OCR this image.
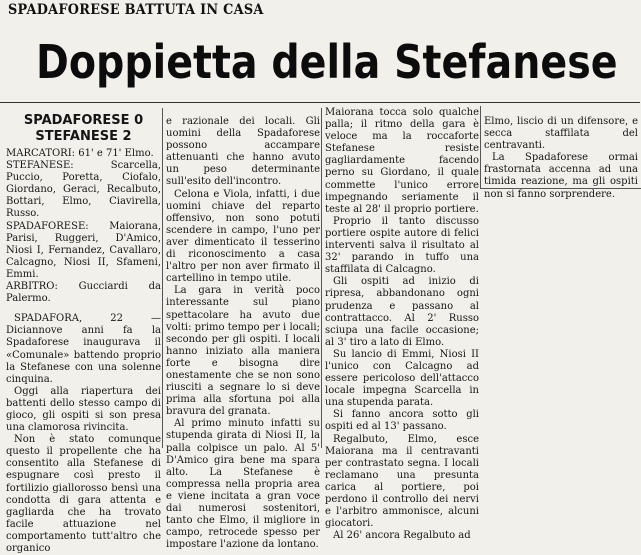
SPADAFORESE BATTUTA IN CASA
Doppietta della Stefanese
SPADAFORESE 0
STEFANESE 2

MARCATORI: 61' e 71' Elmo.

STEFANESE: Scarcella, Puccio, Poretta, Ciofalo, Giordano, Geraci, Recalbuto, Bottari, Elmo, Ciavirella, Russo.

SPADAFORESE: Maiorana, Parisi, Ruggeri, D'Amico, Niosi I, Fernandez, Cavallaro, Calcagno, Niosi II, Sfameni, Emmi.

ARBITRO: Gucciardi da Palermo.

SPADAFORA, 22 — Diciannove anni fa la Spadaforese inaugurava il «Comunale» battendo proprio la Stefanese con una solenne cinquina.

Oggi alla riapertura dei battenti dello stesso campo di gioco, gli ospiti si son presa una clamorosa rivincita.

Non è stato comunque questo il propellente che ha consentito alla Stefanese di espugnare così presto il fortilizio giallorosso bensì una condotta di gara attenta e gagliarda che ha trovato facile attuazione nel comportamento tutt'altro che organico

e razionale dei locali. Gli uomini della Spadaforese possono accampare attenuanti che hanno avuto un peso determinante sull'esito dell'incontro.

Celona e Viola, infatti, i due uomini chiave del reparto offensivo, non sono potuti scendere in campo, l'uno per aver dimenticato il tesserino di riconoscimento a casa l'altro per non aver firmato il cartellino in tempo utile.

La gara in verità poco interessante sul piano spettacolare ha avuto due volti: primo tempo per i locali; secondo per gli ospiti. I locali hanno iniziato alla maniera forte e bisogna dire onestamente che se non sono riusciti a segnare lo si deve prima alla sfortuna poi alla bravura del granata.

Al primo minuto infatti su stupenda girata di Niosi II, la palla colpisce un palo. Al 5' D'Amico gira bene ma spara alto. La Stefanese è compressa nella propria area e viene incitata a gran voce dai numerosi sostenitori, tanto che Elmo, il migliore in campo, retrocede spesso per impostare l'azione da lontano.

Maiorana tocca solo qualche palla; il ritmo della gara è veloce ma la roccaforte Stefanese resiste gagliardamente facendo perno su Giordano, il quale commette l'unico errore impegnando seriamente il teste al 28' il proprio portiere.

Proprio il tanto discusso portiere ospite autore di felici interventi salva il risultato al 32' parando in tuffo una staffilata di Calcagno.

Gli ospiti ad inizio di ripresa, abbandonano ogni prudenza e passano al contrattacco. Al 2' Russo sciupa una facile occasione; al 3' tiro a lato di Elmo.

Su lancio di Emmi, Niosi II l'unico con Calcagno ad essere pericoloso dell'attacco locale impegna Scarcella in una stupenda parata.

Si fanno ancora sotto gli ospiti ed al 13' passano.

Regalbuto, Elmo, esce Maiorana ma il centravanti per contrastato segna. I locali reclamano una presunta carica al portiere, poi perdono il controllo dei nervi e l'arbitro ammonisce, alcuni giocatori.

Al 26' ancora Regalbuto ad

Elmo, liscio di un difensore, e secca staffilata del centravanti.

La Spadaforese ormai frastornata accenna ad una timida reazione, ma gli ospiti non si fanno sorprendere.
